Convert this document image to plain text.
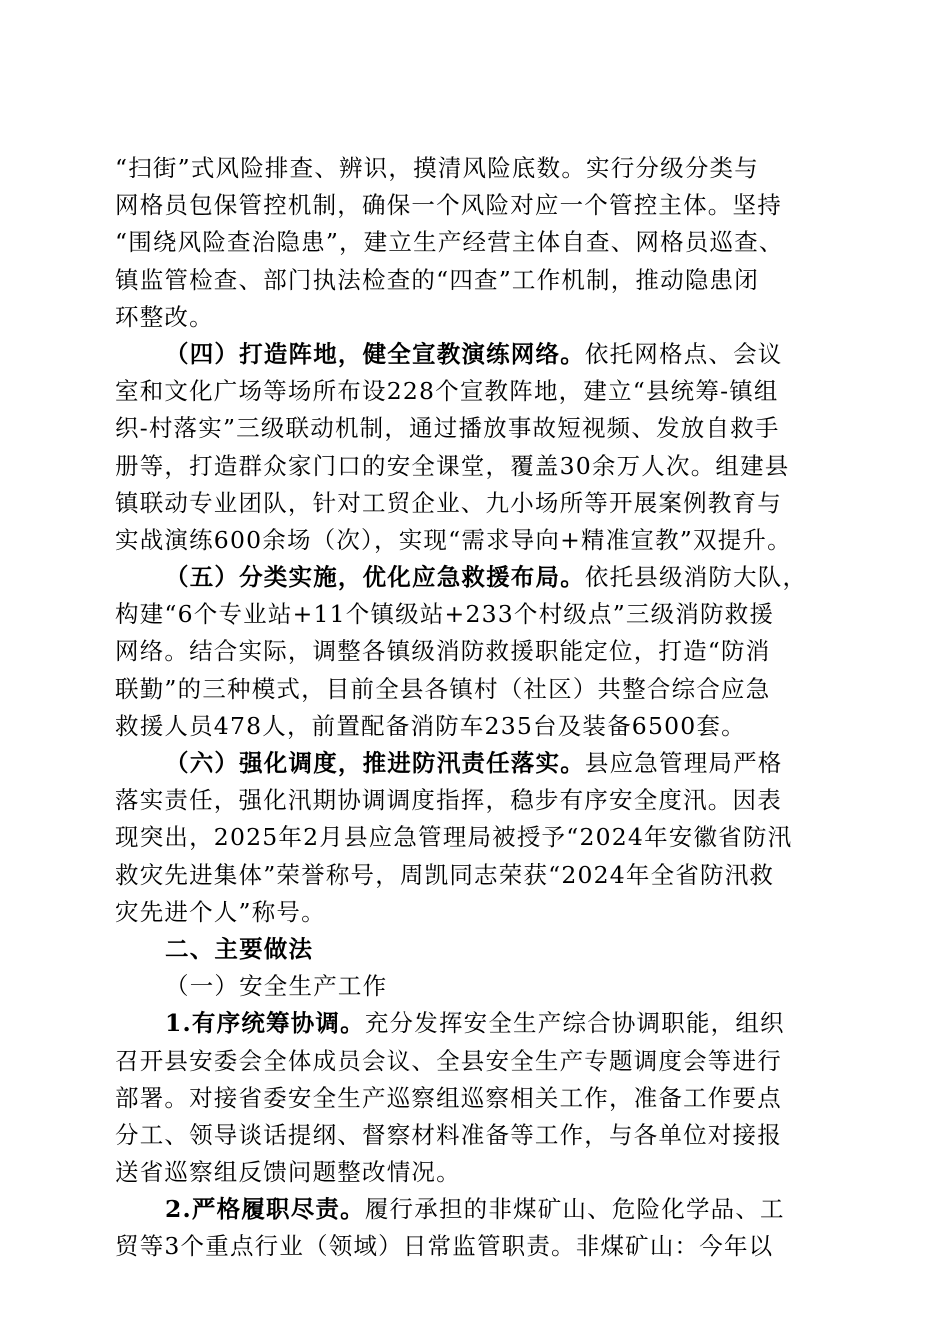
“扫街”式风险排查、辨识，摸清风险底数。实行分级分类与
网格员包保管控机制，确保一个风险对应一个管控主体。坚持
“围绕风险查治隐患”，建立生产经营主体自查、网格员巡查、
镇监管检查、部门执法检查的“四查”工作机制，推动隐患闭
环整改。
（四）打造阵地，健全宣教演练网络。依托网格点、会议
室和文化广场等场所布设228个宣教阵地，建立“县统筹-镇组
织-村落实”三级联动机制，通过播放事故短视频、发放自救手
册等，打造群众家门口的安全课堂，覆盖30余万人次。组建县
镇联动专业团队，针对工贸企业、九小场所等开展案例教育与
实战演练600余场（次），实现“需求导向+精准宣教”双提升。
（五）分类实施，优化应急救援布局。依托县级消防大队，
构建“6个专业站+11个镇级站+233个村级点”三级消防救援
网络。结合实际，调整各镇级消防救援职能定位，打造“防消
联勤”的三种模式，目前全县各镇村（社区）共整合综合应急
救援人员478人，前置配备消防车235台及装备6500套。
（六）强化调度，推进防汛责任落实。县应急管理局严格
落实责任，强化汛期协调调度指挥，稳步有序安全度汛。因表
现突出，2025年2月县应急管理局被授予“2024年安徽省防汛
救灾先进集体”荣誉称号，周凯同志荣获“2024年全省防汛救
灾先进个人”称号。
二、主要做法
（一）安全生产工作
1.有序统筹协调。充分发挥安全生产综合协调职能，组织
召开县安委会全体成员会议、全县安全生产专题调度会等进行
部署。对接省委安全生产巡察组巡察相关工作，准备工作要点
分工、领导谈话提纲、督察材料准备等工作，与各单位对接报
送省巡察组反馈问题整改情况。
2.严格履职尽责。履行承担的非煤矿山、危险化学品、工
贸等3个重点行业（领域）日常监管职责。非煤矿山：今年以
